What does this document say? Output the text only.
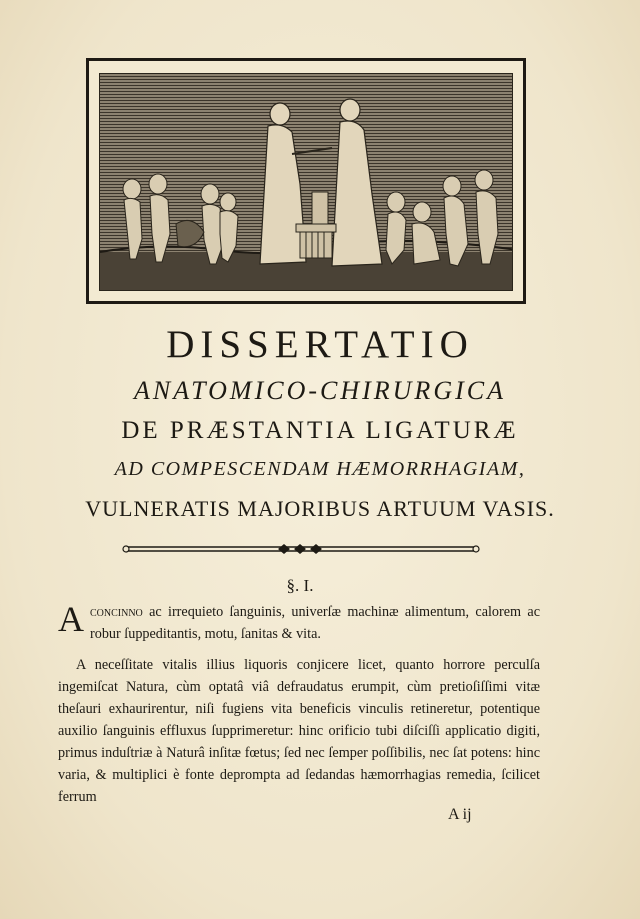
DISSERTATIO
ANATOMICO-CHIRURGICA
DE PRÆSTANTIA LIGATURÆ
AD COMPESCENDAM HÆMORRHAGIAM,
VULNERATIS MAJORIBUS ARTUUM VASIS.
§. I.
Aconcinno ac irrequieto ſanguinis, univerſæ machinæ alimentum, calorem ac robur ſuppeditantis, motu, ſanitas & vita.
A neceſſitate vitalis illius liquoris conjicere licet, quanto horrore perculſa ingemiſcat Natura, cùm optatâ viâ defraudatus erumpit, cùm pretioſiſſimi vitæ theſauri exhaurirentur, niſi fugiens vita beneficis vinculis retineretur, potentique auxilio ſanguinis effluxus ſupprimeretur: hinc orificio tubi diſciſſi applicatio digiti, primus induſtriæ à Naturâ inſitæ fœtus; ſed nec ſemper poſſibilis, nec ſat potens: hinc varia, & multiplici è fonte deprompta ad ſedandas hæmorrhagias remedia, ſcilicet ferrum
A ij
